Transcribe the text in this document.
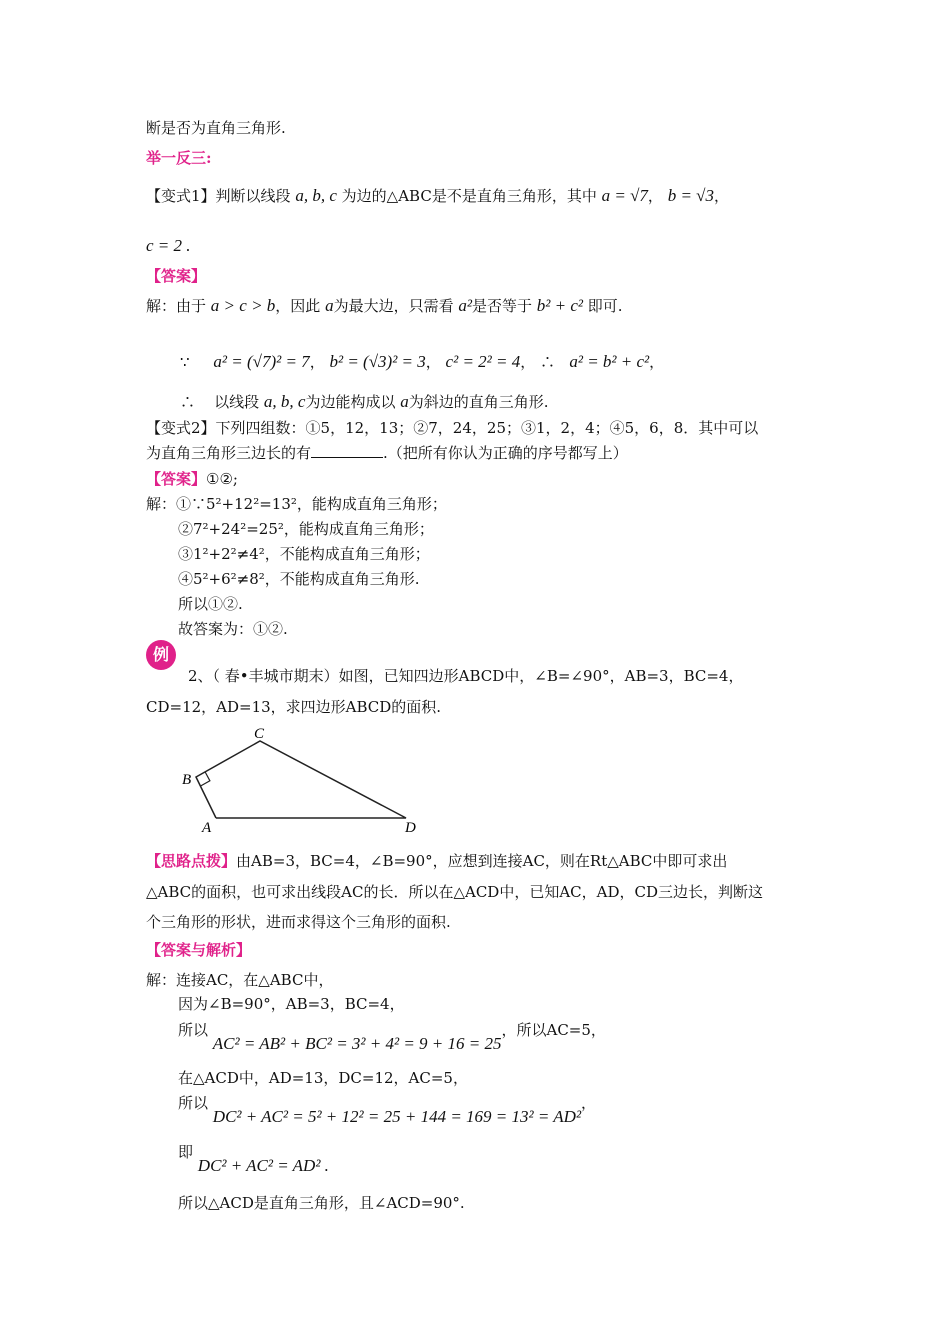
断是否为直角三角形.
举一反三:
【变式1】判断以线段 a, b, c 为边的△ABC是不是直角三角形，其中 a = √7， b = √3，
c = 2 .
【答案】
解：由于 a > c > b，因此 a为最大边，只需看 a²是否等于 b² + c² 即可.
∵ a² = (√7)² = 7， b² = (√3)² = 3， c² = 2² = 4， ∴ a² = b² + c²，
∴ 以线段 a, b, c为边能构成以 a为斜边的直角三角形.
【变式2】下列四组数：①5，12，13；②7，24，25；③1，2，4；④5，6，8．其中可以
为直角三角形三边长的有	.（把所有你认为正确的序号都写上）
【答案】①②;
解：①∵5²+12²=13²，能构成直角三角形；
②7²+24²=25²，能构成直角三角形；
③1²+2²≠4²，不能构成直角三角形；
④5²+6²≠8²，不能构成直角三角形.
所以①②.
故答案为：①②.
例
2、（ 春•丰城市期末）如图，已知四边形ABCD中，∠B=∠90°，AB=3，BC=4，
CD=12，AD=13，求四边形ABCD的面积.
C
B
A	D
【思路点拨】由AB=3，BC=4，∠B=90°，应想到连接AC，则在Rt△ABC中即可求出
△ABC的面积，也可求出线段AC的长．所以在△ACD中，已知AC，AD，CD三边长，判断这
个三角形的形状，进而求得这个三角形的面积.
【答案与解析】
解：连接AC，在△ABC中，
因为∠B=90°，AB=3，BC=4，
所以 AC² = AB² + BC² = 3² + 4² = 9 + 16 = 25，所以AC=5，
在△ACD中，AD=13，DC=12，AC=5，
所以 DC² + AC² = 5² + 12² = 25 + 144 = 169 = 13² = AD²，
即 DC² + AC² = AD² .
所以△ACD是直角三角形，且∠ACD=90°.
